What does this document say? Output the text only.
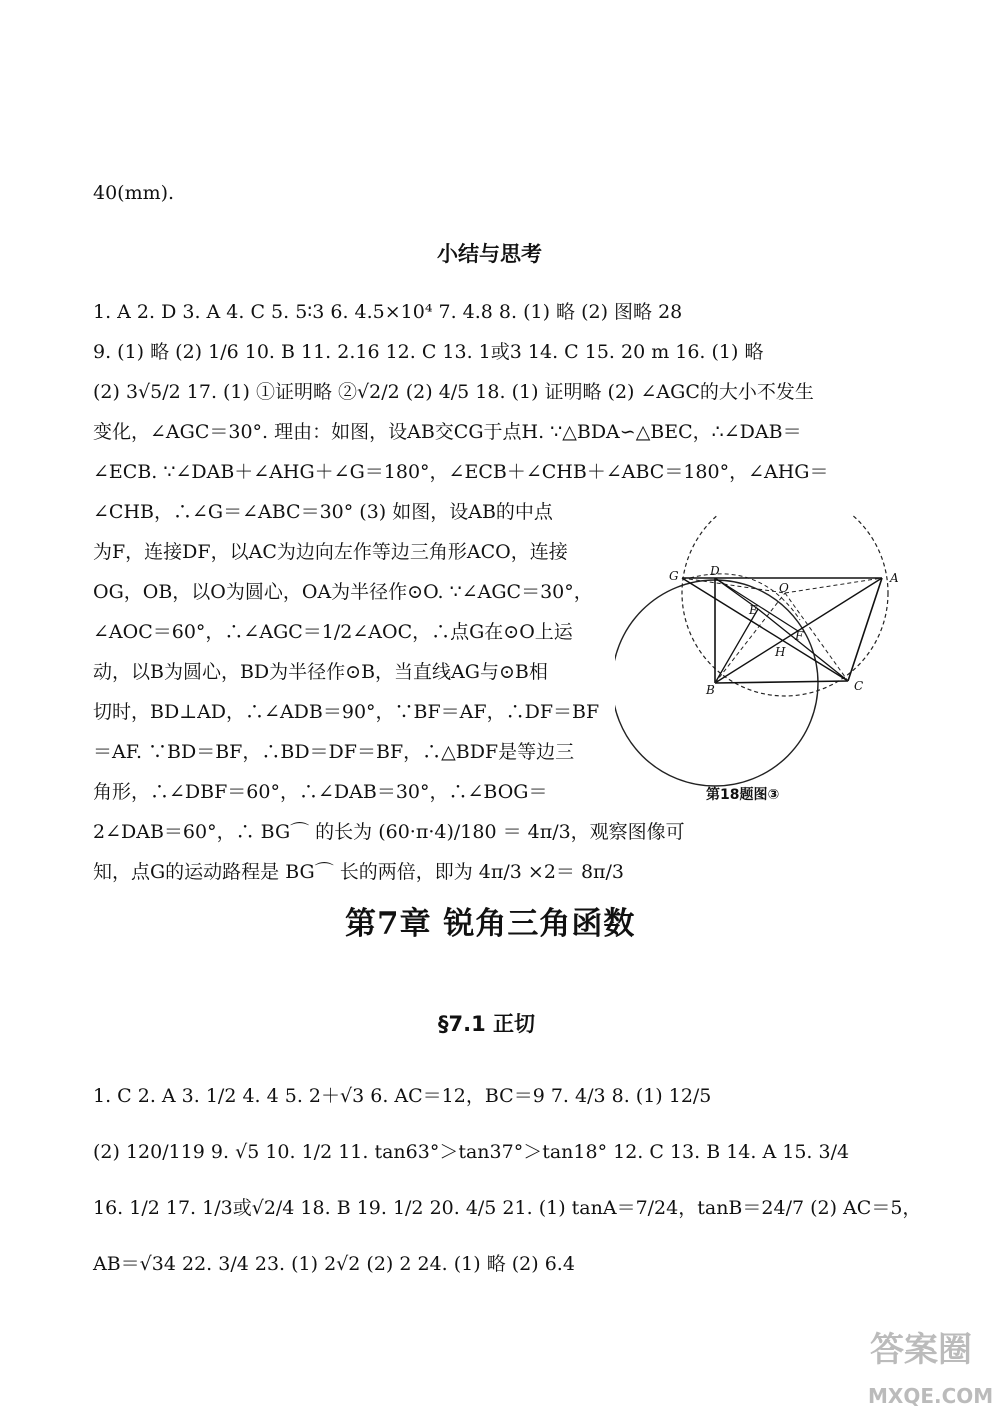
40(mm).
小结与思考
1. A 2. D 3. A 4. C 5. 5∶3 6. 4.5×10⁴ 7. 4.8 8. (1) 略 (2) 图略 28
9. (1) 略 (2) 1/6 10. B 11. 2.16 12. C 13. 1或3 14. C 15. 20 m 16. (1) 略
(2) 3√5/2 17. (1) ①证明略 ②√2/2 (2) 4/5 18. (1) 证明略 (2) ∠AGC的大小不发生
变化，∠AGC＝30°. 理由：如图，设AB交CG于点H. ∵△BDA∽△BEC，∴∠DAB＝
∠ECB. ∵∠DAB＋∠AHG＋∠G＝180°，∠ECB＋∠CHB＋∠ABC＝180°，∠AHG＝
∠CHB，∴∠G＝∠ABC＝30° (3) 如图，设AB的中点
为F，连接DF，以AC为边向左作等边三角形ACO，连接
OG，OB，以O为圆心，OA为半径作⊙O. ∵∠AGC＝30°，
∠AOC＝60°，∴∠AGC＝1/2∠AOC，∴点G在⊙O上运
动，以B为圆心，BD为半径作⊙B，当直线AG与⊙B相
切时，BD⊥AD，∴∠ADB＝90°，∵BF＝AF，∴DF＝BF
＝AF. ∵BD＝BF，∴BD＝DF＝BF，∴△BDF是等边三
角形，∴∠DBF＝60°，∴∠DAB＝30°，∴∠BOG＝
2∠DAB＝60°，∴ BG⌒ 的长为 (60·π·4)/180 ＝ 4π/3，观察图像可
知，点G的运动路程是 BG⌒ 长的两倍，即为 4π/3 ×2＝ 8π/3
G	D
O
A
E
F
H
B	C
第18题图③
第7章 锐角三角函数
§7.1 正切
1. C 2. A 3. 1/2 4. 4 5. 2＋√3 6. AC＝12，BC＝9 7. 4/3 8. (1) 12/5
(2) 120/119 9. √5 10. 1/2 11. tan63°＞tan37°＞tan18° 12. C 13. B 14. A 15. 3/4
16. 1/2 17. 1/3或√2/4 18. B 19. 1/2 20. 4/5 21. (1) tanA＝7/24，tanB＝24/7 (2) AC＝5，
AB＝√34 22. 3/4 23. (1) 2√2 (2) 2 24. (1) 略 (2) 6.4
答案圈
MXQE.COM
